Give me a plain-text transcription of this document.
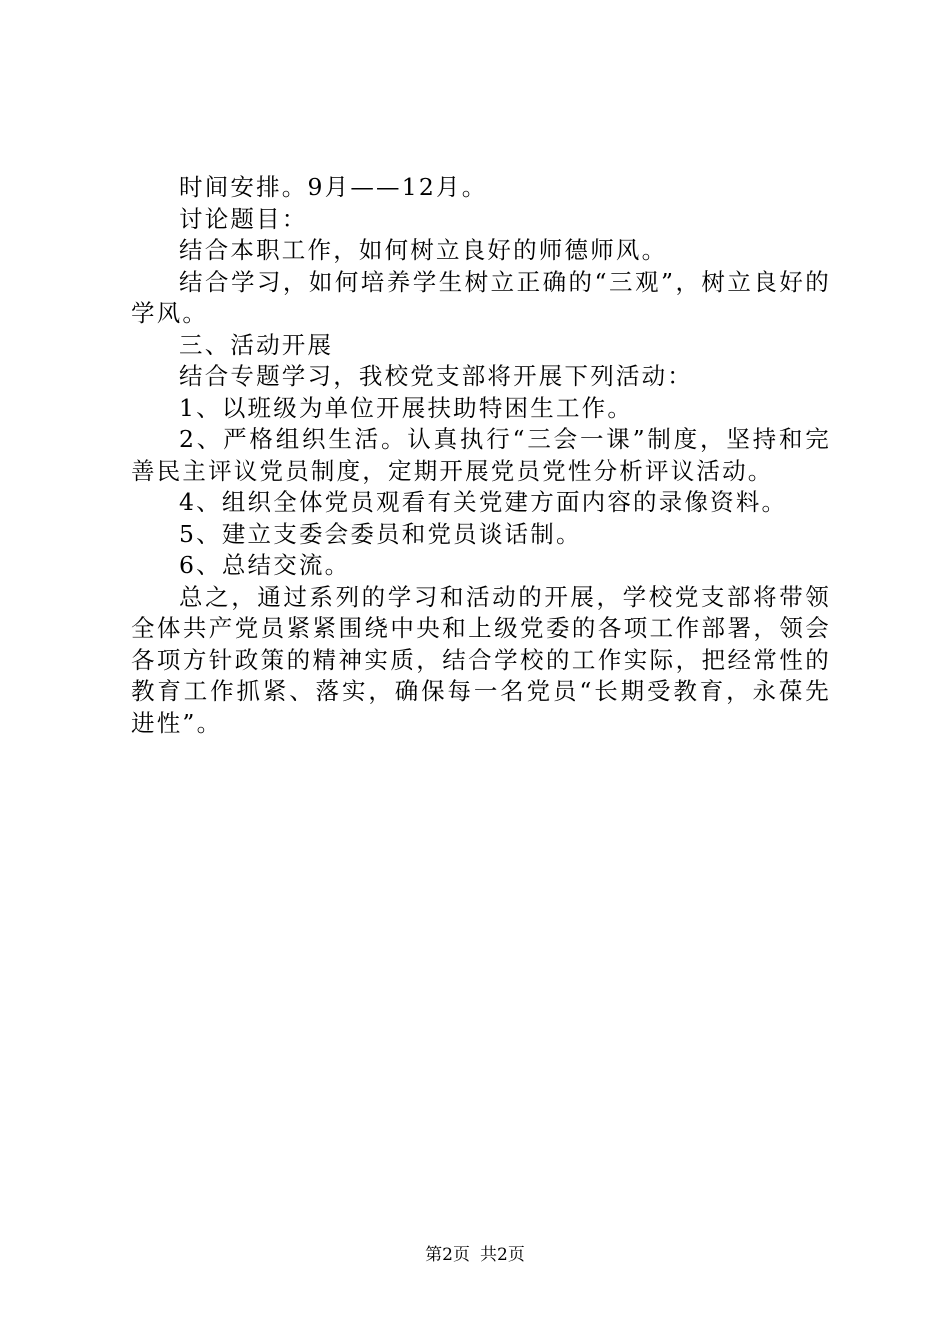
时间安排。9月——12月。

讨论题目：

结合本职工作，如何树立良好的师德师风。

结合学习，如何培养学生树立正确的“三观”，树立良好的学风。

三、活动开展

结合专题学习，我校党支部将开展下列活动：

1、以班级为单位开展扶助特困生工作。

2、严格组织生活。认真执行“三会一课”制度，坚持和完善民主评议党员制度，定期开展党员党性分析评议活动。

4、组织全体党员观看有关党建方面内容的录像资料。

5、建立支委会委员和党员谈话制。

6、总结交流。

总之，通过系列的学习和活动的开展，学校党支部将带领全体共产党员紧紧围绕中央和上级党委的各项工作部署，领会各项方针政策的精神实质，结合学校的工作实际，把经常性的教育工作抓紧、落实，确保每一名党员“长期受教育，永葆先进性”。

第2页 共2页
